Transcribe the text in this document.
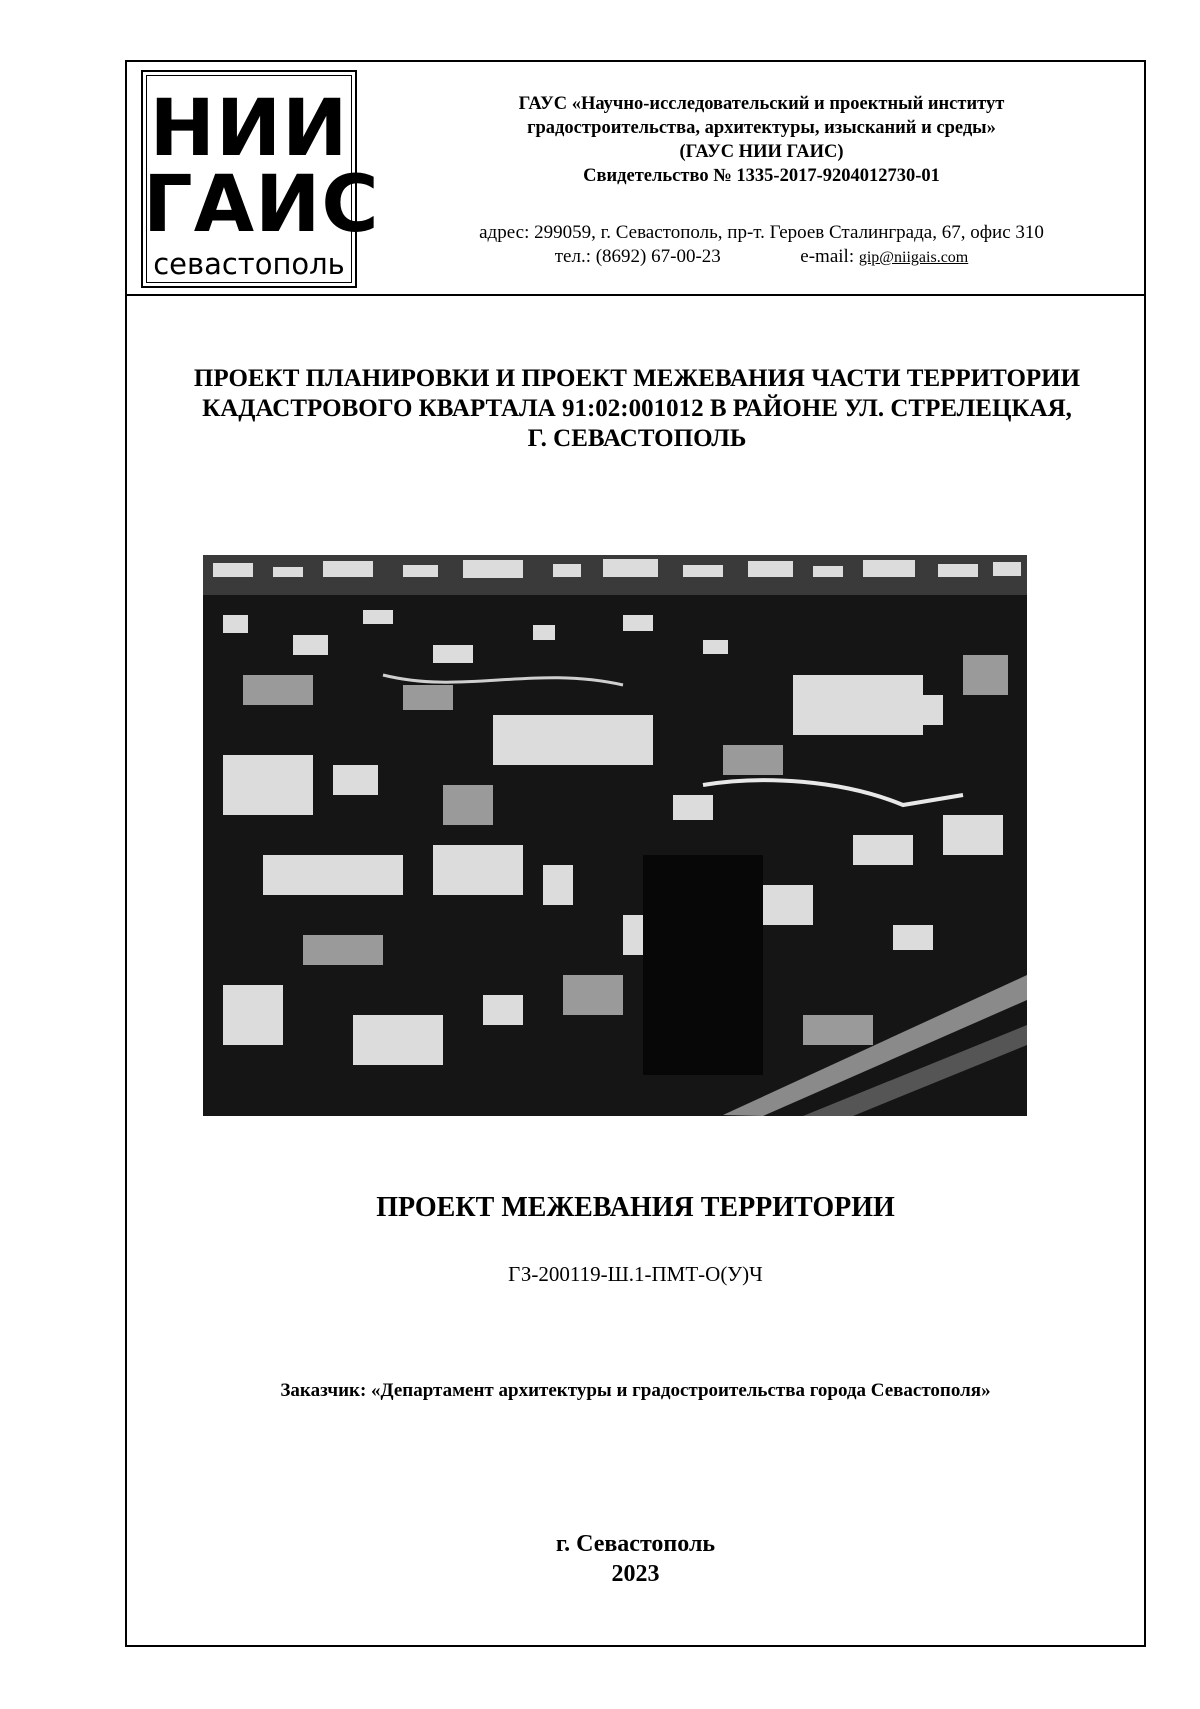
НИИ
ГАИС
севастополь
ГАУС «Научно-исследовательский и проектный институт
градостроительства, архитектуры, изысканий и среды»
(ГАУС НИИ ГАИС)
Свидетельство № 1335-2017-9204012730-01
адрес: 299059, г. Севастополь, пр-т. Героев Сталинграда, 67, офис 310
тел.: (8692) 67-00-23	e-mail: gip@niigais.com
ПРОЕКТ ПЛАНИРОВКИ И ПРОЕКТ МЕЖЕВАНИЯ ЧАСТИ ТЕРРИТОРИИ
КАДАСТРОВОГО КВАРТАЛА 91:02:001012 В РАЙОНЕ УЛ. СТРЕЛЕЦКАЯ,
Г. СЕВАСТОПОЛЬ
ПРОЕКТ МЕЖЕВАНИЯ ТЕРРИТОРИИ
ГЗ-200119-Ш.1-ПМТ-О(У)Ч
Заказчик: «Департамент архитектуры и градостроительства города Севастополя»
г. Севастополь
2023
